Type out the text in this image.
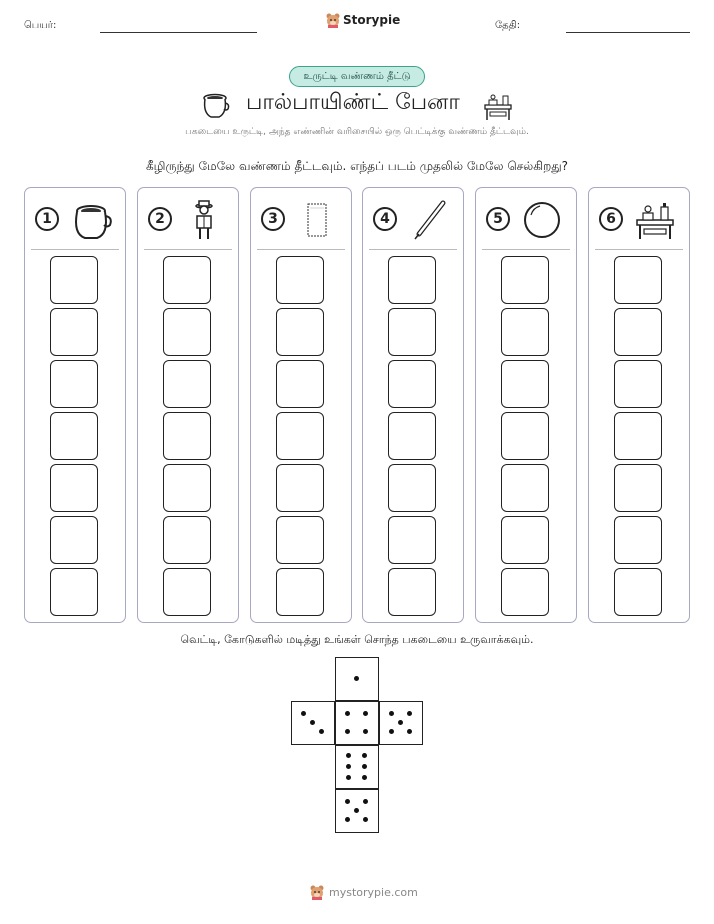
பெயர்:	Storypie	தேதி:
உருட்டி வண்ணம் தீட்டு
பால்பாயிண்ட் பேனா
பகடையை உருட்டி, அந்த எண்ணின் வரிசையில் ஒரு பெட்டிக்கு வண்ணம் தீட்டவும்.
கீழிருந்து மேலே வண்ணம் தீட்டவும். எந்தப் படம் முதலில் மேலே செல்கிறது?
1	2	3	4	5	6
வெட்டி, கோடுகளில் மடித்து உங்கள் சொந்த பகடையை உருவாக்கவும்.
mystorypie.com
